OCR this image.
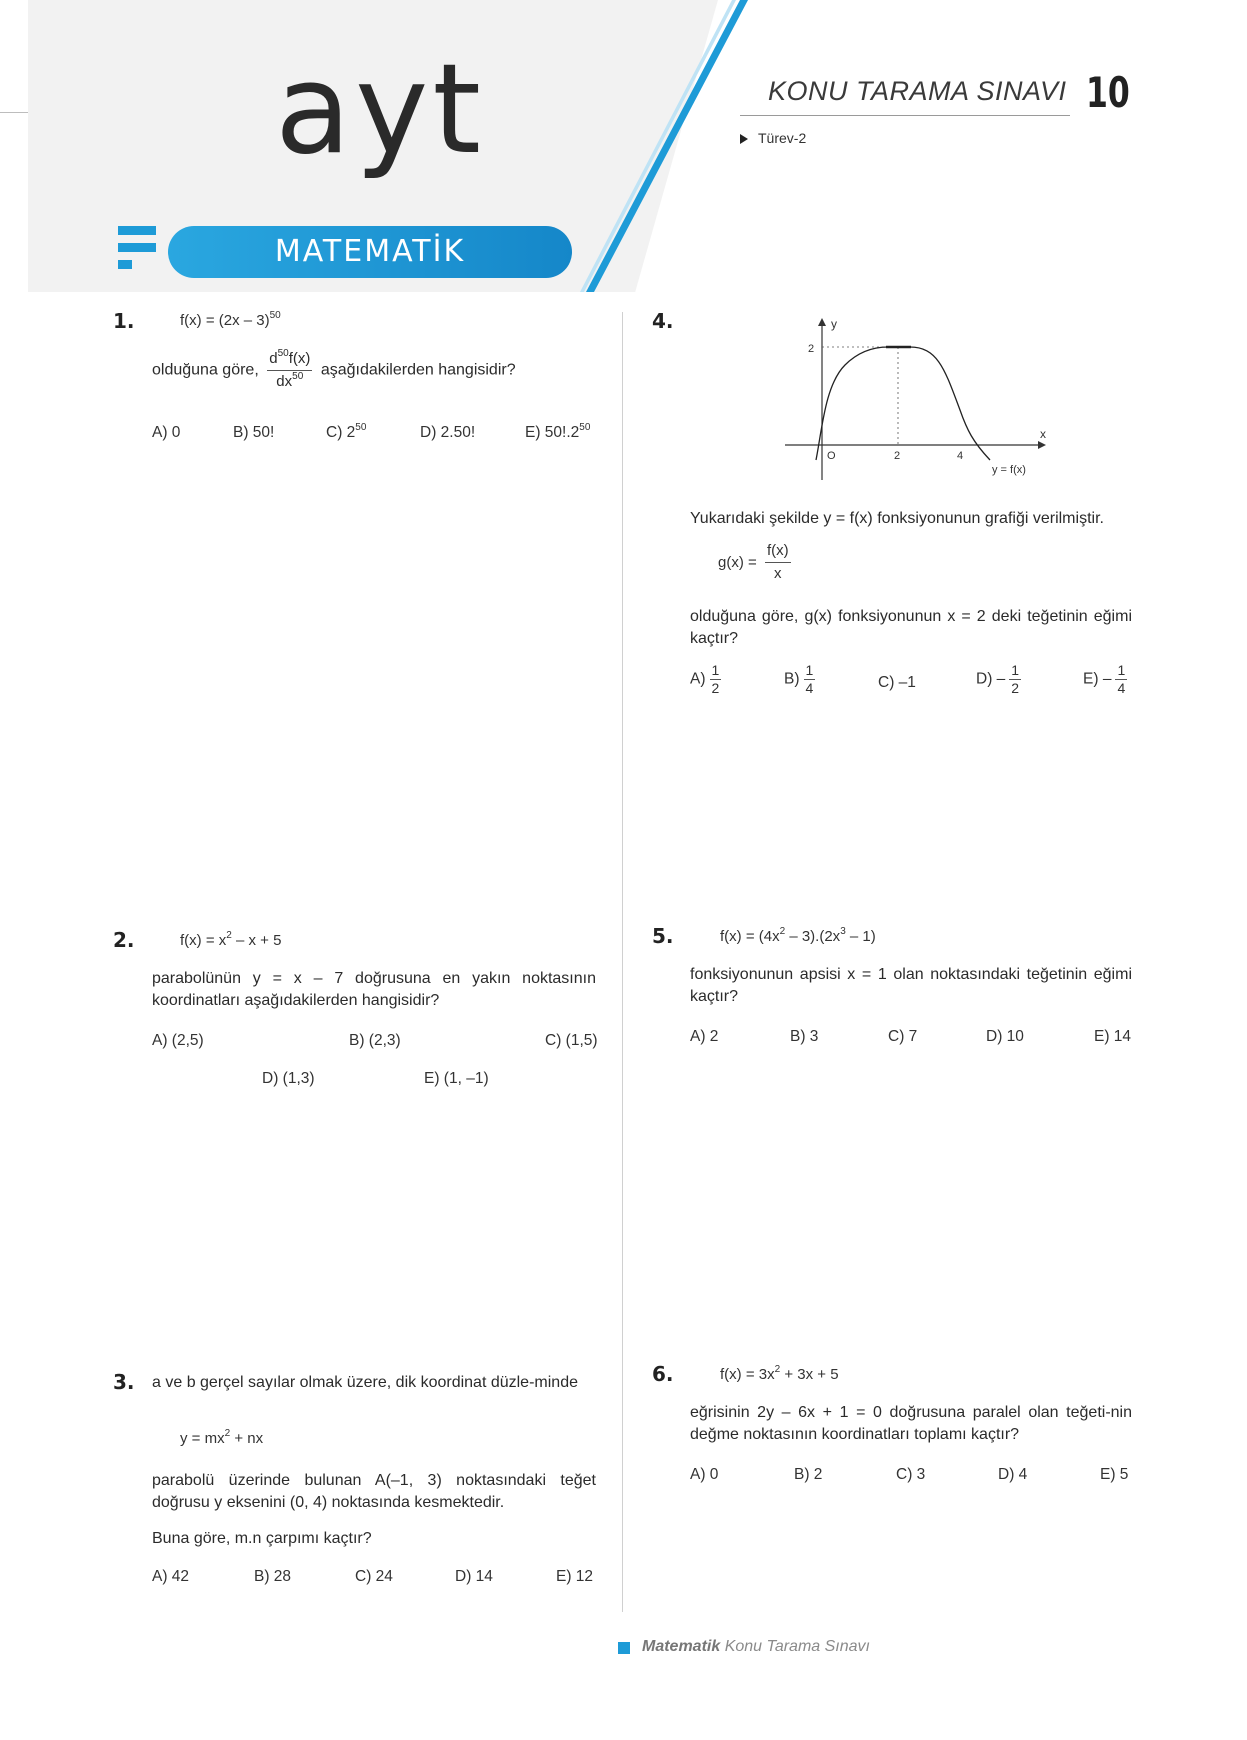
ayt
MATEMATİK
KONU TARAMA SINAVI 10
Türev-2
1.	f(x) = (2x – 3)$^{50}$
olduğuna göre, $\frac{d^{50}f(x)}{dx^{50}}$ aşağıdakilerden hangisidir?
A) 0	B) 50!	C) $2^{50}$	D) 2.50!	E) $50!.2^{50}$
2.	$f(x) = x^2 - x + 5$
parabolünün y = x – 7 doğrusuna en yakın noktasının koordinatları aşağıdakilerden hangisidir?
A) (2,5)	B) (2,3)	C) (1,5)
D) (1,3)	E) (1, –1)
3. a ve b gerçel sayılar olmak üzere, dik koordinat düzle-minde
$y = mx^2$ + nx
parabolü üzerinde bulunan A(–1, 3) noktasındaki teğet doğrusu y eksenini (0, 4) noktasında kesmektedir.
Buna göre, m.n çarpımı kaçtır?
A) 42	B) 28	C) 24	D) 14	E) 12
4.	y
x
2
O	2	4
y = f(x)
Yukarıdaki şekilde y = f(x) fonksiyonunun grafiği verilmiştir.
$g(x) = \frac{f(x)}{x}$
olduğuna göre, g(x) fonksiyonunun x = 2 deki teğetinin eğimi kaçtır?
$A) \frac{1}{2}$	$B) \frac{1}{4}$	C) –1	$D) - \frac{1}{2}$	$E) - \frac{1}{4}$
5.	$f(x) = (4x^2 - 3).(2x^3 - 1)$
fonksiyonunun apsisi x = 1 olan noktasındaki teğetinin eğimi kaçtır?
A) 2	B) 3	C) 7	D) 10	E) 14
6.	$f(x) = 3x^2 + 3x + 5$
eğrisinin 2y – 6x + 1 = 0 doğrusuna paralel olan teğeti-nin değme noktasının koordinatları toplamı kaçtır?
A) 0	B) 2	C) 3	D) 4	E) 5
Matematik Konu Tarama Sınavı
